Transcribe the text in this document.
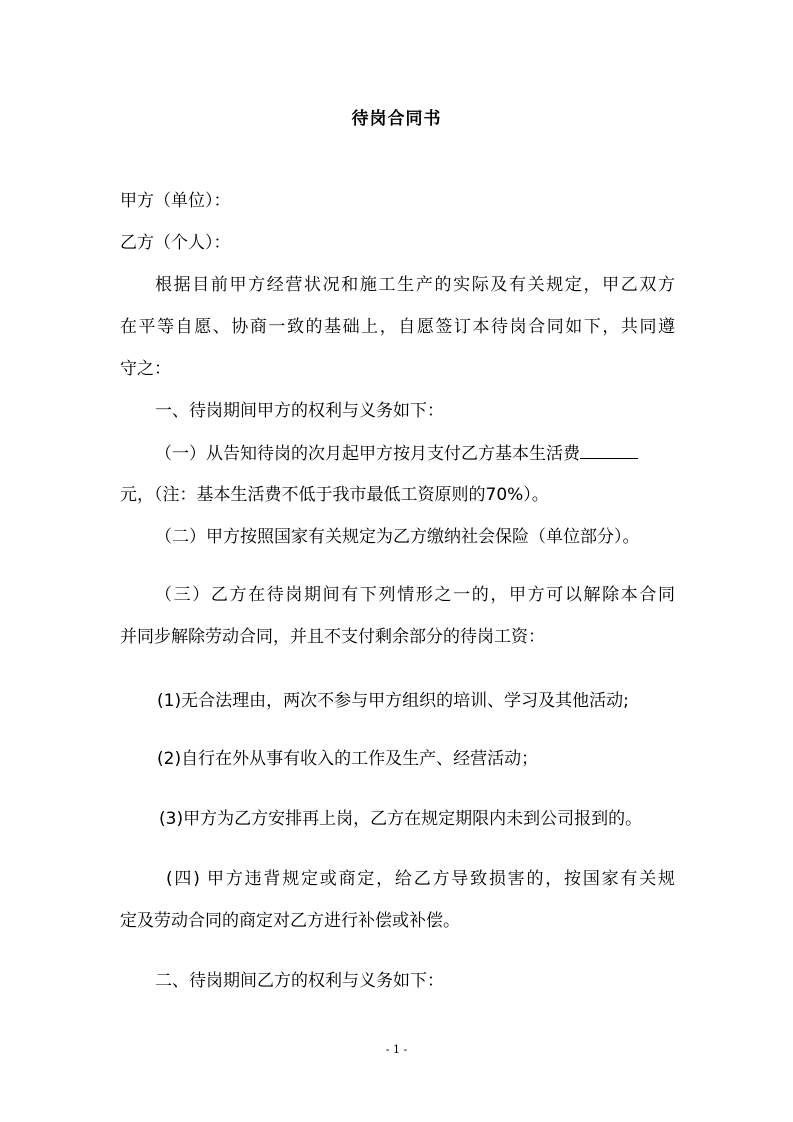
待岗合同书
甲方（单位）：
乙方（个人）：
根据目前甲方经营状况和施工生产的实际及有关规定，甲乙双方
在平等自愿、协商一致的基础上，自愿签订本待岗合同如下，共同遵
守之：
一、待岗期间甲方的权利与义务如下：
（一）从告知待岗的次月起甲方按月支付乙方基本生活费
元，（注：基本生活费不低于我市最低工资原则的70%）。
（二）甲方按照国家有关规定为乙方缴纳社会保险（单位部分）。
（三）乙方在待岗期间有下列情形之一的，甲方可以解除本合同
并同步解除劳动合同，并且不支付剩余部分的待岗工资：
(1)无合法理由，两次不参与甲方组织的培训、学习及其他活动;
(2)自行在外从事有收入的工作及生产、经营活动；
(3)甲方为乙方安排再上岗，乙方在规定期限内未到公司报到的。
(四) 甲方违背规定或商定，给乙方导致损害的，按国家有关规
定及劳动合同的商定对乙方进行补偿或补偿。
二、待岗期间乙方的权利与义务如下：
- 1 -
